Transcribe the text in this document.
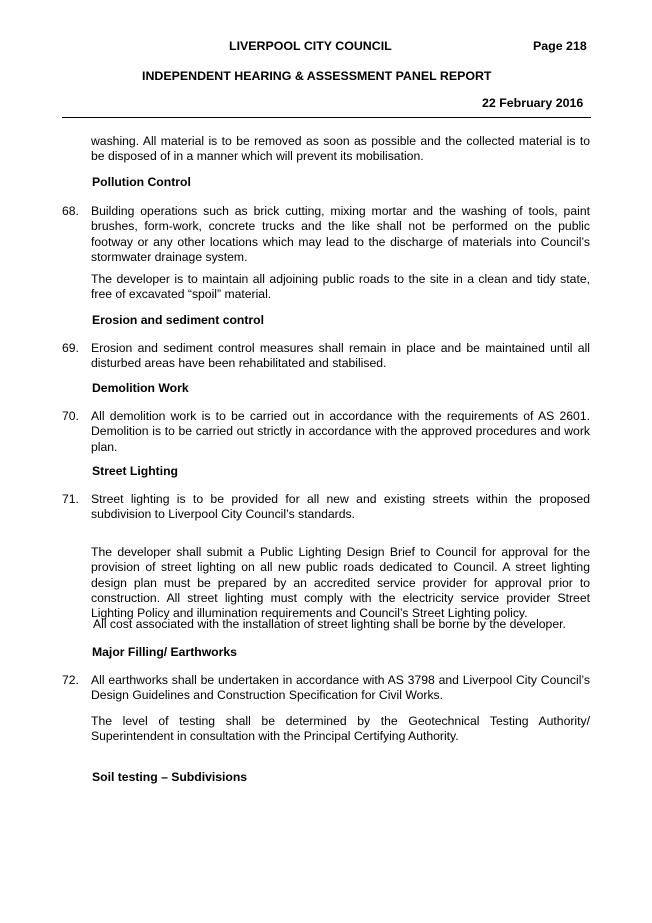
LIVERPOOL CITY COUNCIL	Page 218
INDEPENDENT HEARING & ASSESSMENT PANEL REPORT
22 February 2016
washing. All material is to be removed as soon as possible and the collected material is to be disposed of in a manner which will prevent its mobilisation.
Pollution Control
68. Building operations such as brick cutting, mixing mortar and the washing of tools, paint brushes, form-work, concrete trucks and the like shall not be performed on the public footway or any other locations which may lead to the discharge of materials into Council’s stormwater drainage system.
The developer is to maintain all adjoining public roads to the site in a clean and tidy state, free of excavated “spoil” material.
Erosion and sediment control
69. Erosion and sediment control measures shall remain in place and be maintained until all disturbed areas have been rehabilitated and stabilised.
Demolition Work
70. All demolition work is to be carried out in accordance with the requirements of AS 2601. Demolition is to be carried out strictly in accordance with the approved procedures and work plan.
Street Lighting
71. Street lighting is to be provided for all new and existing streets within the proposed subdivision to Liverpool City Council’s standards.
The developer shall submit a Public Lighting Design Brief to Council for approval for the provision of street lighting on all new public roads dedicated to Council. A street lighting design plan must be prepared by an accredited service provider for approval prior to construction. All street lighting must comply with the electricity service provider Street Lighting Policy and illumination requirements and Council’s Street Lighting policy.
All cost associated with the installation of street lighting shall be borne by the developer.
Major Filling/ Earthworks
72. All earthworks shall be undertaken in accordance with AS 3798 and Liverpool City Council’s Design Guidelines and Construction Specification for Civil Works.
The level of testing shall be determined by the Geotechnical Testing Authority/ Superintendent in consultation with the Principal Certifying Authority.
Soil testing – Subdivisions
